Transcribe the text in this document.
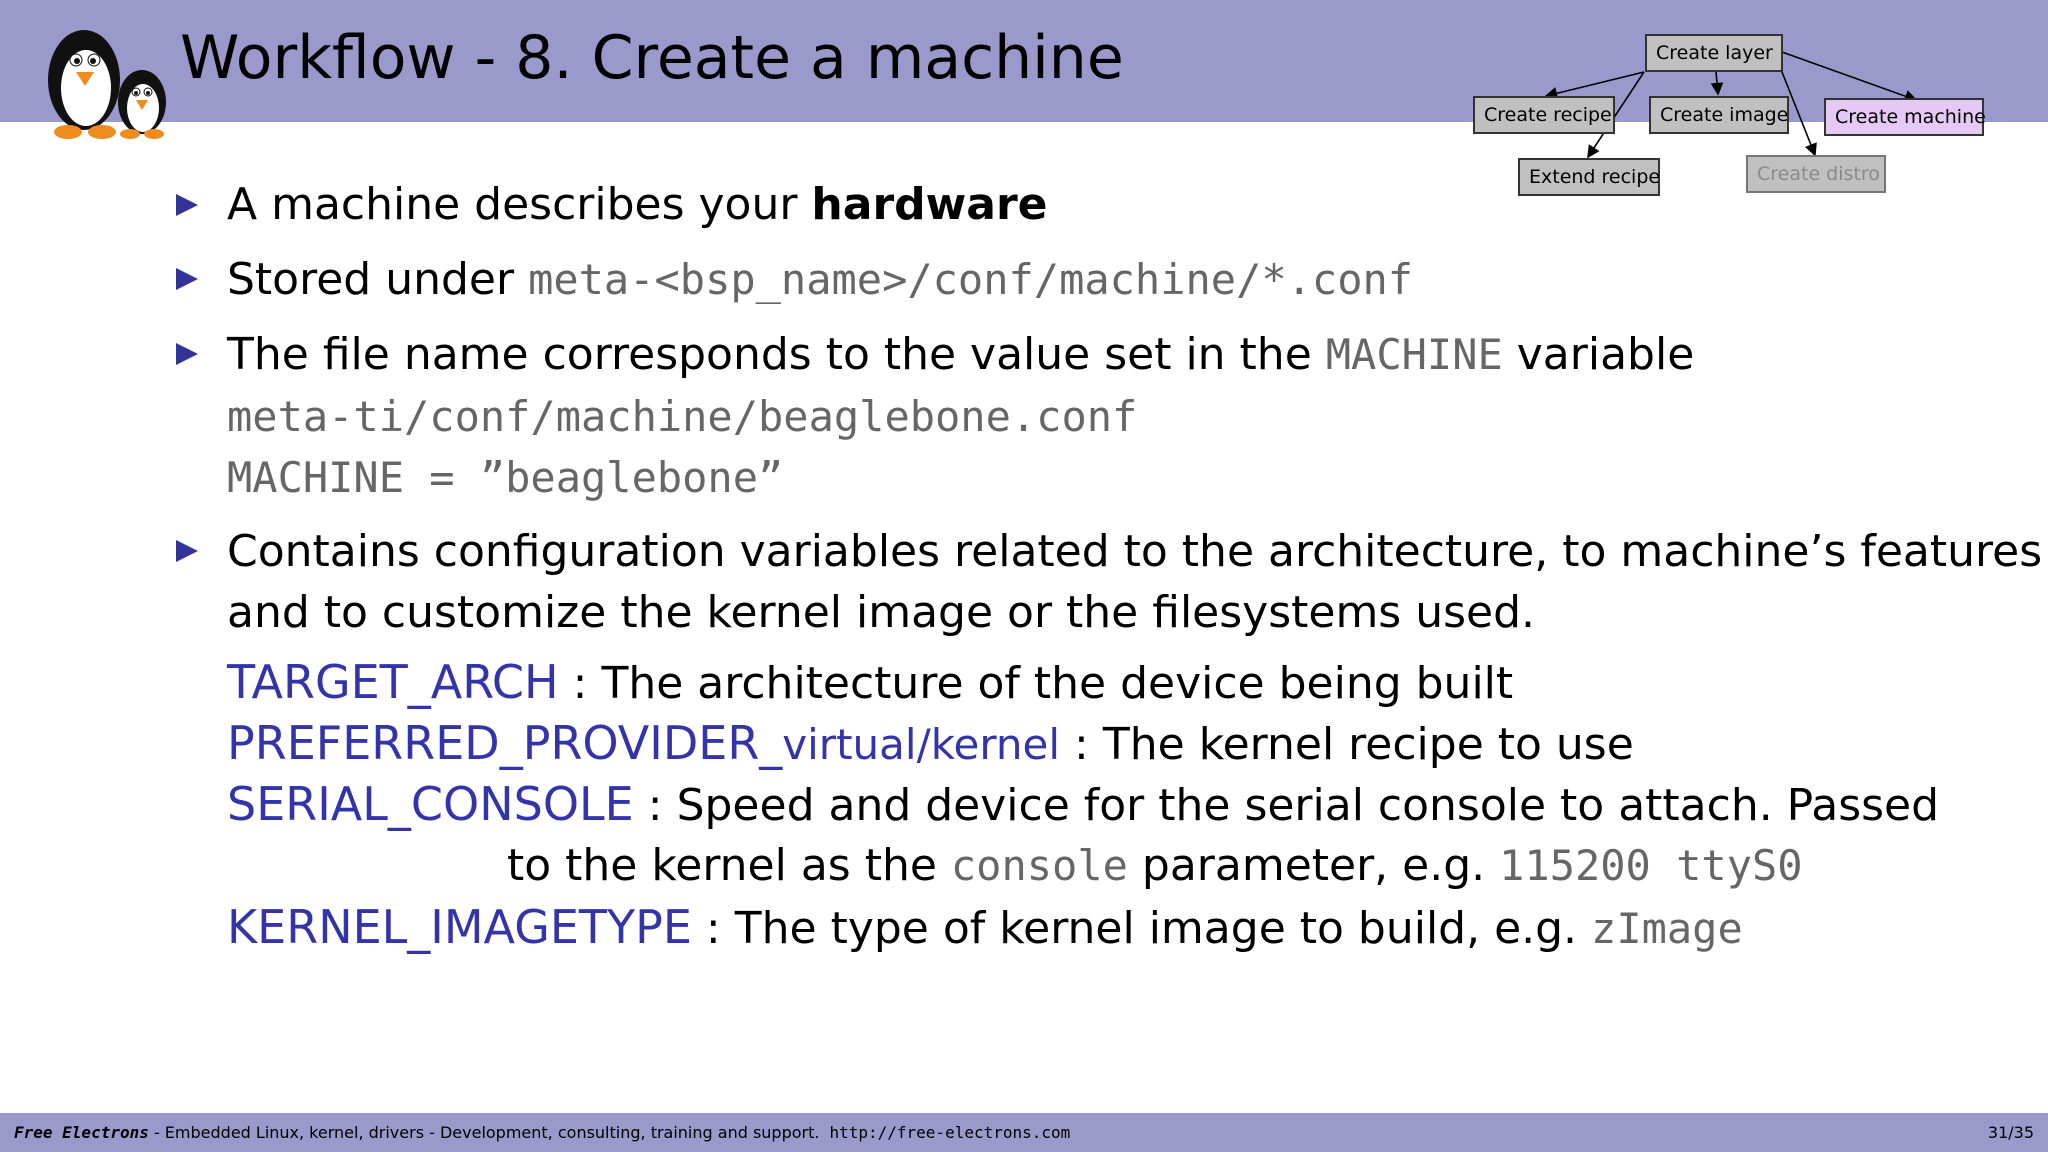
Workflow - 8. Create a machine	Create layer
Create recipe	Create image	Create machine
Extend recipe	Create distro
A machine describes your hardware
Stored under meta-<bsp_name>/conf/machine/*.conf
The file name corresponds to the value set in the MACHINE variable
meta-ti/conf/machine/beaglebone.conf
MACHINE = ”beaglebone”
Contains configuration variables related to the architecture, to machine’s features
and to customize the kernel image or the filesystems used.
TARGET_ARCH : The architecture of the device being built
PREFERRED_PROVIDER_virtual/kernel : The kernel recipe to use
SERIAL_CONSOLE : Speed and device for the serial console to attach. Passed
to the kernel as the console parameter, e.g. 115200 ttyS0
KERNEL_IMAGETYPE : The type of kernel image to build, e.g. zImage
Free Electrons - Embedded Linux, kernel, drivers - Development, consulting, training and support. http://free-electrons.com	31/35
